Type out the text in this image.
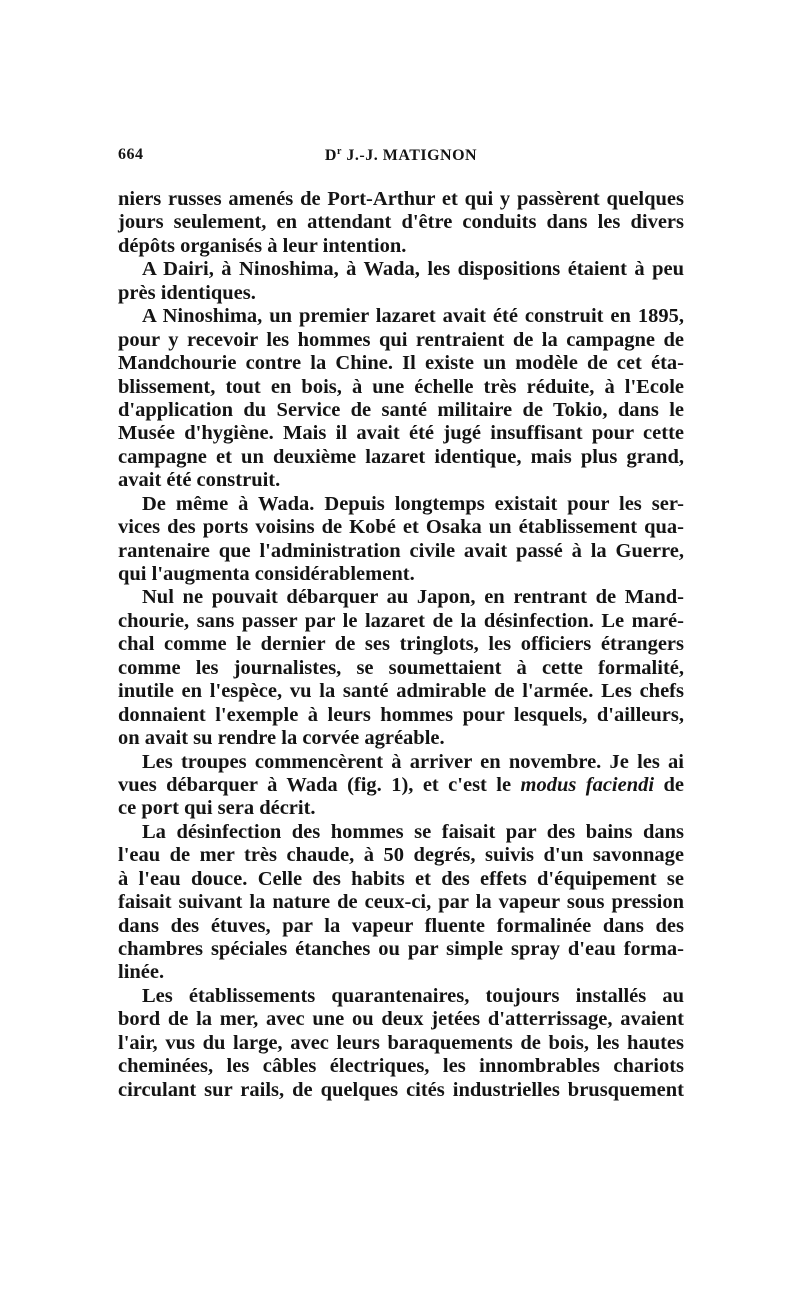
664	$D^r$ J.-J. MATIGNON
niers russes amenés de Port-Arthur et qui y passèrent quelques
jours seulement, en attendant d'être conduits dans les divers
dépôts organisés à leur intention.
A Dairi, à Ninoshima, à Wada, les dispositions étaient à peu
près identiques.
A Ninoshima, un premier lazaret avait été construit en 1895,
pour y recevoir les hommes qui rentraient de la campagne de
Mandchourie contre la Chine. Il existe un modèle de cet éta-
blissement, tout en bois, à une échelle très réduite, à l'Ecole
d'application du Service de santé militaire de Tokio, dans le
Musée d'hygiène. Mais il avait été jugé insuffisant pour cette
campagne et un deuxième lazaret identique, mais plus grand,
avait été construit.
De même à Wada. Depuis longtemps existait pour les ser-
vices des ports voisins de Kobé et Osaka un établissement qua-
rantenaire que l'administration civile avait passé à la Guerre,
qui l'augmenta considérablement.
Nul ne pouvait débarquer au Japon, en rentrant de Mand-
chourie, sans passer par le lazaret de la désinfection. Le maré-
chal comme le dernier de ses tringlots, les officiers étrangers
comme les journalistes, se soumettaient à cette formalité,
inutile en l'espèce, vu la santé admirable de l'armée. Les chefs
donnaient l'exemple à leurs hommes pour lesquels, d'ailleurs,
on avait su rendre la corvée agréable.
Les troupes commencèrent à arriver en novembre. Je les ai
vues débarquer à Wada (fig. 1), et c'est le modus faciendi de
ce port qui sera décrit.
La désinfection des hommes se faisait par des bains dans
l'eau de mer très chaude, à 50 degrés, suivis d'un savonnage
à l'eau douce. Celle des habits et des effets d'équipement se
faisait suivant la nature de ceux-ci, par la vapeur sous pression
dans des étuves, par la vapeur fluente formalinée dans des
chambres spéciales étanches ou par simple spray d'eau forma-
linée.
Les établissements quarantenaires, toujours installés au
bord de la mer, avec une ou deux jetées d'atterrissage, avaient
l'air, vus du large, avec leurs baraquements de bois, les hautes
cheminées, les câbles électriques, les innombrables chariots
circulant sur rails, de quelques cités industrielles brusquement
